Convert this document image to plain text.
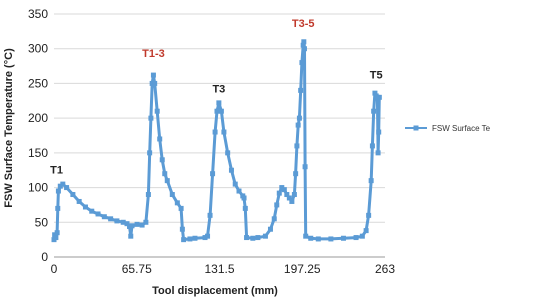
0
50
100
150
200
250
300
350
0	65.75	131.5	197.25	263
T1
T1-3
T3
T3-5
T5
FSW Surface Temperature (°C)
Tool displacement (mm)
FSW Surface Te
